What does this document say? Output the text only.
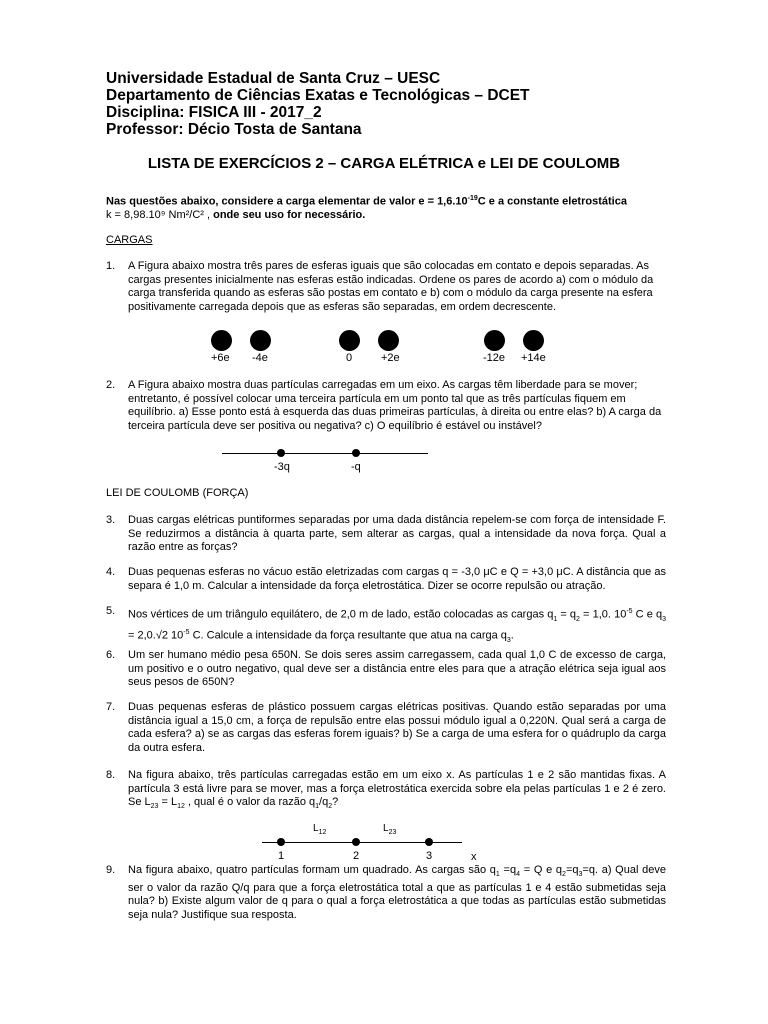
Universidade Estadual de Santa Cruz – UESC
Departamento de Ciências Exatas e Tecnológicas – DCET
Disciplina: FISICA III - 2017_2
Professor: Décio Tosta de Santana
LISTA DE EXERCÍCIOS 2 – CARGA ELÉTRICA e LEI DE COULOMB
Nas questões abaixo, considere a carga elementar de valor $e = 1,6.10^{-19}C$ e a constante eletrostática
k = 8,98.10⁹ Nm²/C² , onde seu uso for necessário.
CARGAS
1. A Figura abaixo mostra três pares de esferas iguais que são colocadas em contato e depois separadas. As cargas presentes inicialmente nas esferas estão indicadas. Ordene os pares de acordo a) com o módulo da carga transferida quando as esferas são postas em contato e b) com o módulo da carga presente na esfera positivamente carregada depois que as esferas são separadas, em ordem decrescente.
+6e -4e	0	+2e	-12e +14e
2. A Figura abaixo mostra duas partículas carregadas em um eixo. As cargas têm liberdade para se mover; entretanto, é possível colocar uma terceira partícula em um ponto tal que as três partículas fiquem em equilíbrio. a) Esse ponto está à esquerda das duas primeiras partículas, à direita ou entre elas? b) A carga da terceira partícula deve ser positiva ou negativa? c) O equilíbrio é estável ou instável?
-3q	-q
LEI DE COULOMB (FORÇA)
3. Duas cargas elétricas puntiformes separadas por uma dada distância repelem-se com força de intensidade F. Se reduzirmos a distância à quarta parte, sem alterar as cargas, qual a intensidade da nova força. Qual a razão entre as forças?
4. Duas pequenas esferas no vácuo estão eletrizadas com cargas q = -3,0 μC e Q = +3,0 μC. A distância que as separa é 1,0 m. Calcular a intensidade da força eletrostática. Dizer se ocorre repulsão ou atração.
5. Nos vértices de um triângulo equilátero, de 2,0 m de lado, estão colocadas as cargas $q_1 = q_2 = 1,0$. $10^{-5}$ C e $q_3 = 2,0.√2$ $10^{-5}$ C. Calcule a intensidade da força resultante que atua na carga $q_3$.
6. Um ser humano médio pesa 650N. Se dois seres assim carregassem, cada qual 1,0 C de excesso de carga, um positivo e o outro negativo, qual deve ser a distância entre eles para que a atração elétrica seja igual aos seus pesos de 650N?
7. Duas pequenas esferas de plástico possuem cargas elétricas positivas. Quando estão separadas por uma distância igual a 15,0 cm, a força de repulsão entre elas possui módulo igual a 0,220N. Qual será a carga de cada esfera? a) se as cargas das esferas forem iguais? b) Se a carga de uma esfera for o quádruplo da carga da outra esfera.
8. Na figura abaixo, três partículas carregadas estão em um eixo x. As partículas 1 e 2 são mantidas fixas. A partícula 3 está livre para se mover, mas a força eletrostática exercida sobre ela pelas partículas 1 e 2 é zero. Se $L_{23} = L_{12}$ , qual é o valor da razão $q_1/q_2$?
$L_{12}$	$L_{23}$
1	2	3	x
9. Na figura abaixo, quatro partículas formam um quadrado. As cargas são $q_1 =q_4 = Q$ e $q_2=q_3=q$. a) Qual deve ser o valor da razão Q/q para que a força eletrostática total a que as partículas 1 e 4 estão submetidas seja nula? b) Existe algum valor de q para o qual a força eletrostática a que todas as partículas estão submetidas seja nula? Justifique sua resposta.
